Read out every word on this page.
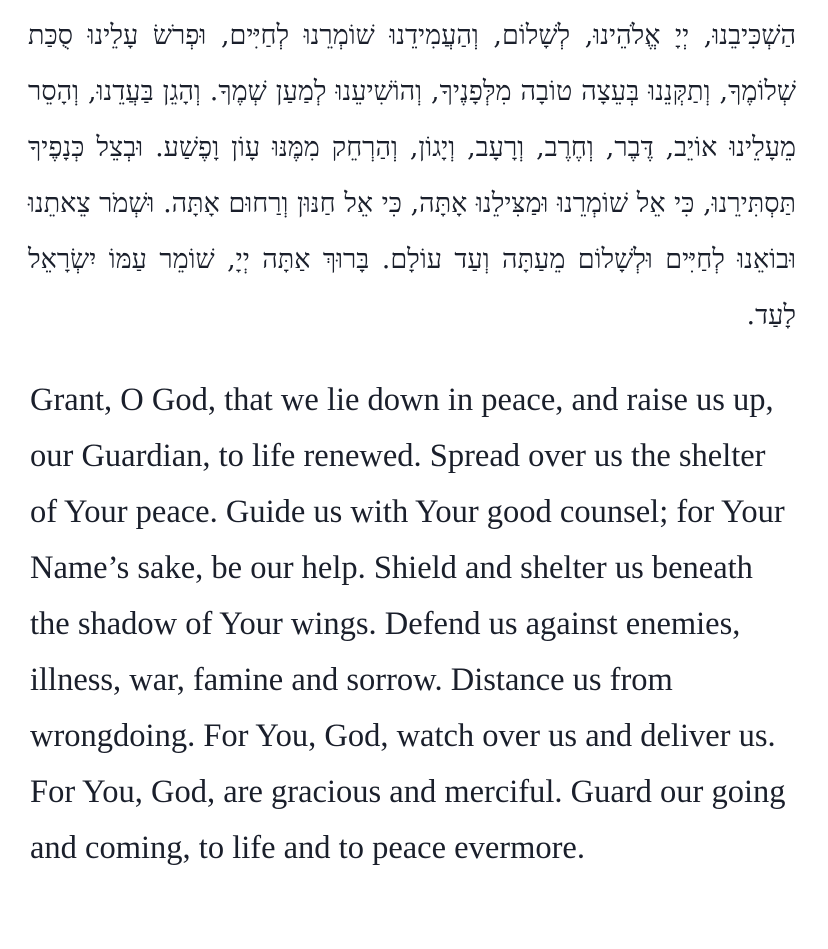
הַשְׁכִּיבֵנוּ, יְיָ אֱלֹהֵינוּ, לְשָׁלוֹם, וְהַעֲמִידֵנוּ שׁוֹמְרֵנוּ לְחַיִּים, וּפְרֹשׂ עָלֵינוּ סֻכַּת שְׁלוֹמֶךָ, וְתַקְּנֵנוּ בְּעֵצָה טוֹבָה מִלְּפָנֶיךָ, וְהוֹשִׁיעֵנוּ לְמַעַן שְׁמֶךָ. וְהָגֵן בַּעֲדֵנוּ, וְהָסֵר מֵעָלֵינוּ אוֹיֵב, דֶּבֶר, וְחֶרֶב, וְרָעָב, וְיָגוֹן, וְהַרְחֵק מִמֶּנּוּ עָוֹן וָפֶשַׁע. וּבְצֵל כְּנָפֶיךָ תַּסְתִּירֵנוּ, כִּי אֵל שׁוֹמְרֵנוּ וּמַצִּילֵנוּ אָתָּה, כִּי אֵל חַנּוּן וְרַחוּם אָתָּה. וּשְׁמֹר צֵאתֵנוּ וּבוֹאֵנוּ לְחַיִּים וּלְשָׁלוֹם מֵעַתָּה וְעַד עוֹלָם. בָּרוּךְ אַתָּה יְיָ, שׁוֹמֵר עַמּוֹ יִשְׂרָאֵל לָעַד.

Grant, O God, that we lie down in peace, and raise us up, our Guardian, to life renewed. Spread over us the shelter of Your peace. Guide us with Your good counsel; for Your Name’s sake, be our help. Shield and shelter us beneath the shadow of Your wings. Defend us against enemies, illness, war, famine and sorrow. Distance us from wrongdoing. For You, God, watch over us and deliver us. For You, God, are gracious and merciful. Guard our going and coming, to life and to peace evermore.
